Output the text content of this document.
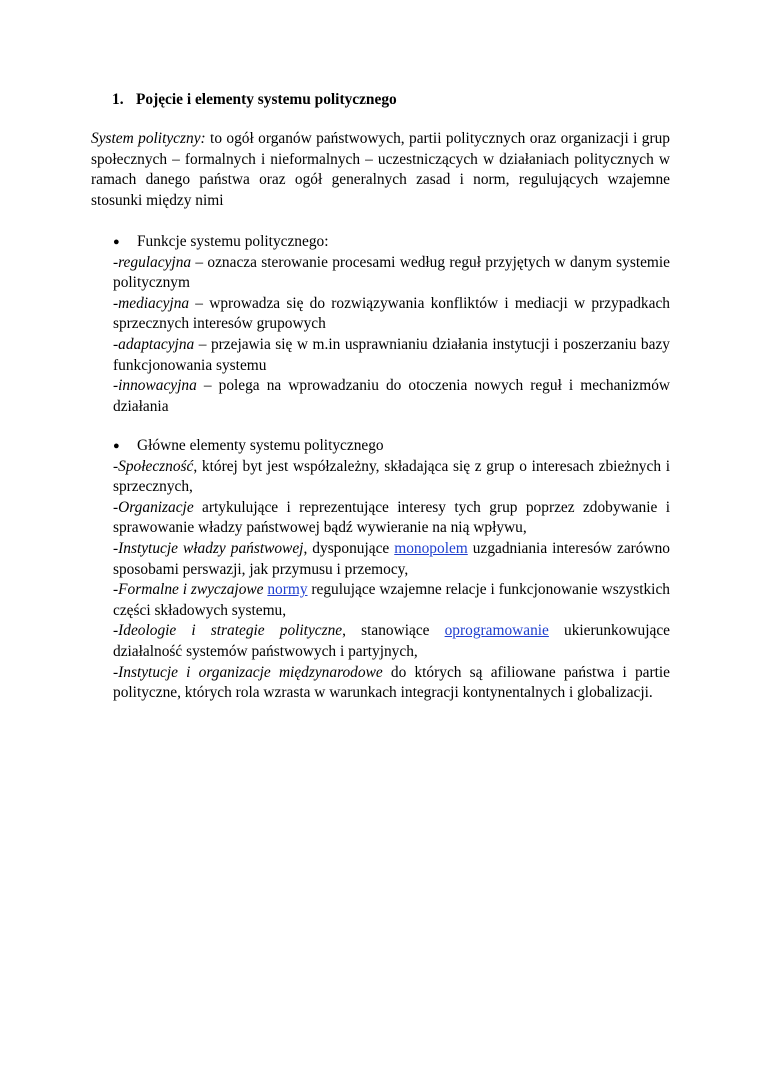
1. Pojęcie i elementy systemu politycznego
System polityczny: to ogół organów państwowych, partii politycznych oraz organizacji i grup społecznych – formalnych i nieformalnych – uczestniczących w działaniach politycznych w ramach danego państwa oraz ogół generalnych zasad i norm, regulujących wzajemne stosunki między nimi
● Funkcje systemu politycznego:
-regulacyjna – oznacza sterowanie procesami według reguł przyjętych w danym systemie politycznym
-mediacyjna – wprowadza się do rozwiązywania konfliktów i mediacji w przypadkach sprzecznych interesów grupowych
-adaptacyjna – przejawia się w m.in usprawnianiu działania instytucji i poszerzaniu bazy funkcjonowania systemu
-innowacyjna – polega na wprowadzaniu do otoczenia nowych reguł i mechanizmów działania
● Główne elementy systemu politycznego
-Społeczność, której byt jest współzależny, składająca się z grup o interesach zbieżnych i sprzecznych,
-Organizacje artykulujące i reprezentujące interesy tych grup poprzez zdobywanie i sprawowanie władzy państwowej bądź wywieranie na nią wpływu,
-Instytucje władzy państwowej, dysponujące monopolem uzgadniania interesów zarówno sposobami perswazji, jak przymusu i przemocy,
-Formalne i zwyczajowe normy regulujące wzajemne relacje i funkcjonowanie wszystkich części składowych systemu,
-Ideologie i strategie polityczne, stanowiące oprogramowanie ukierunkowujące działalność systemów państwowych i partyjnych,
-Instytucje i organizacje międzynarodowe do których są afiliowane państwa i partie polityczne, których rola wzrasta w warunkach integracji kontynentalnych i globalizacji.
